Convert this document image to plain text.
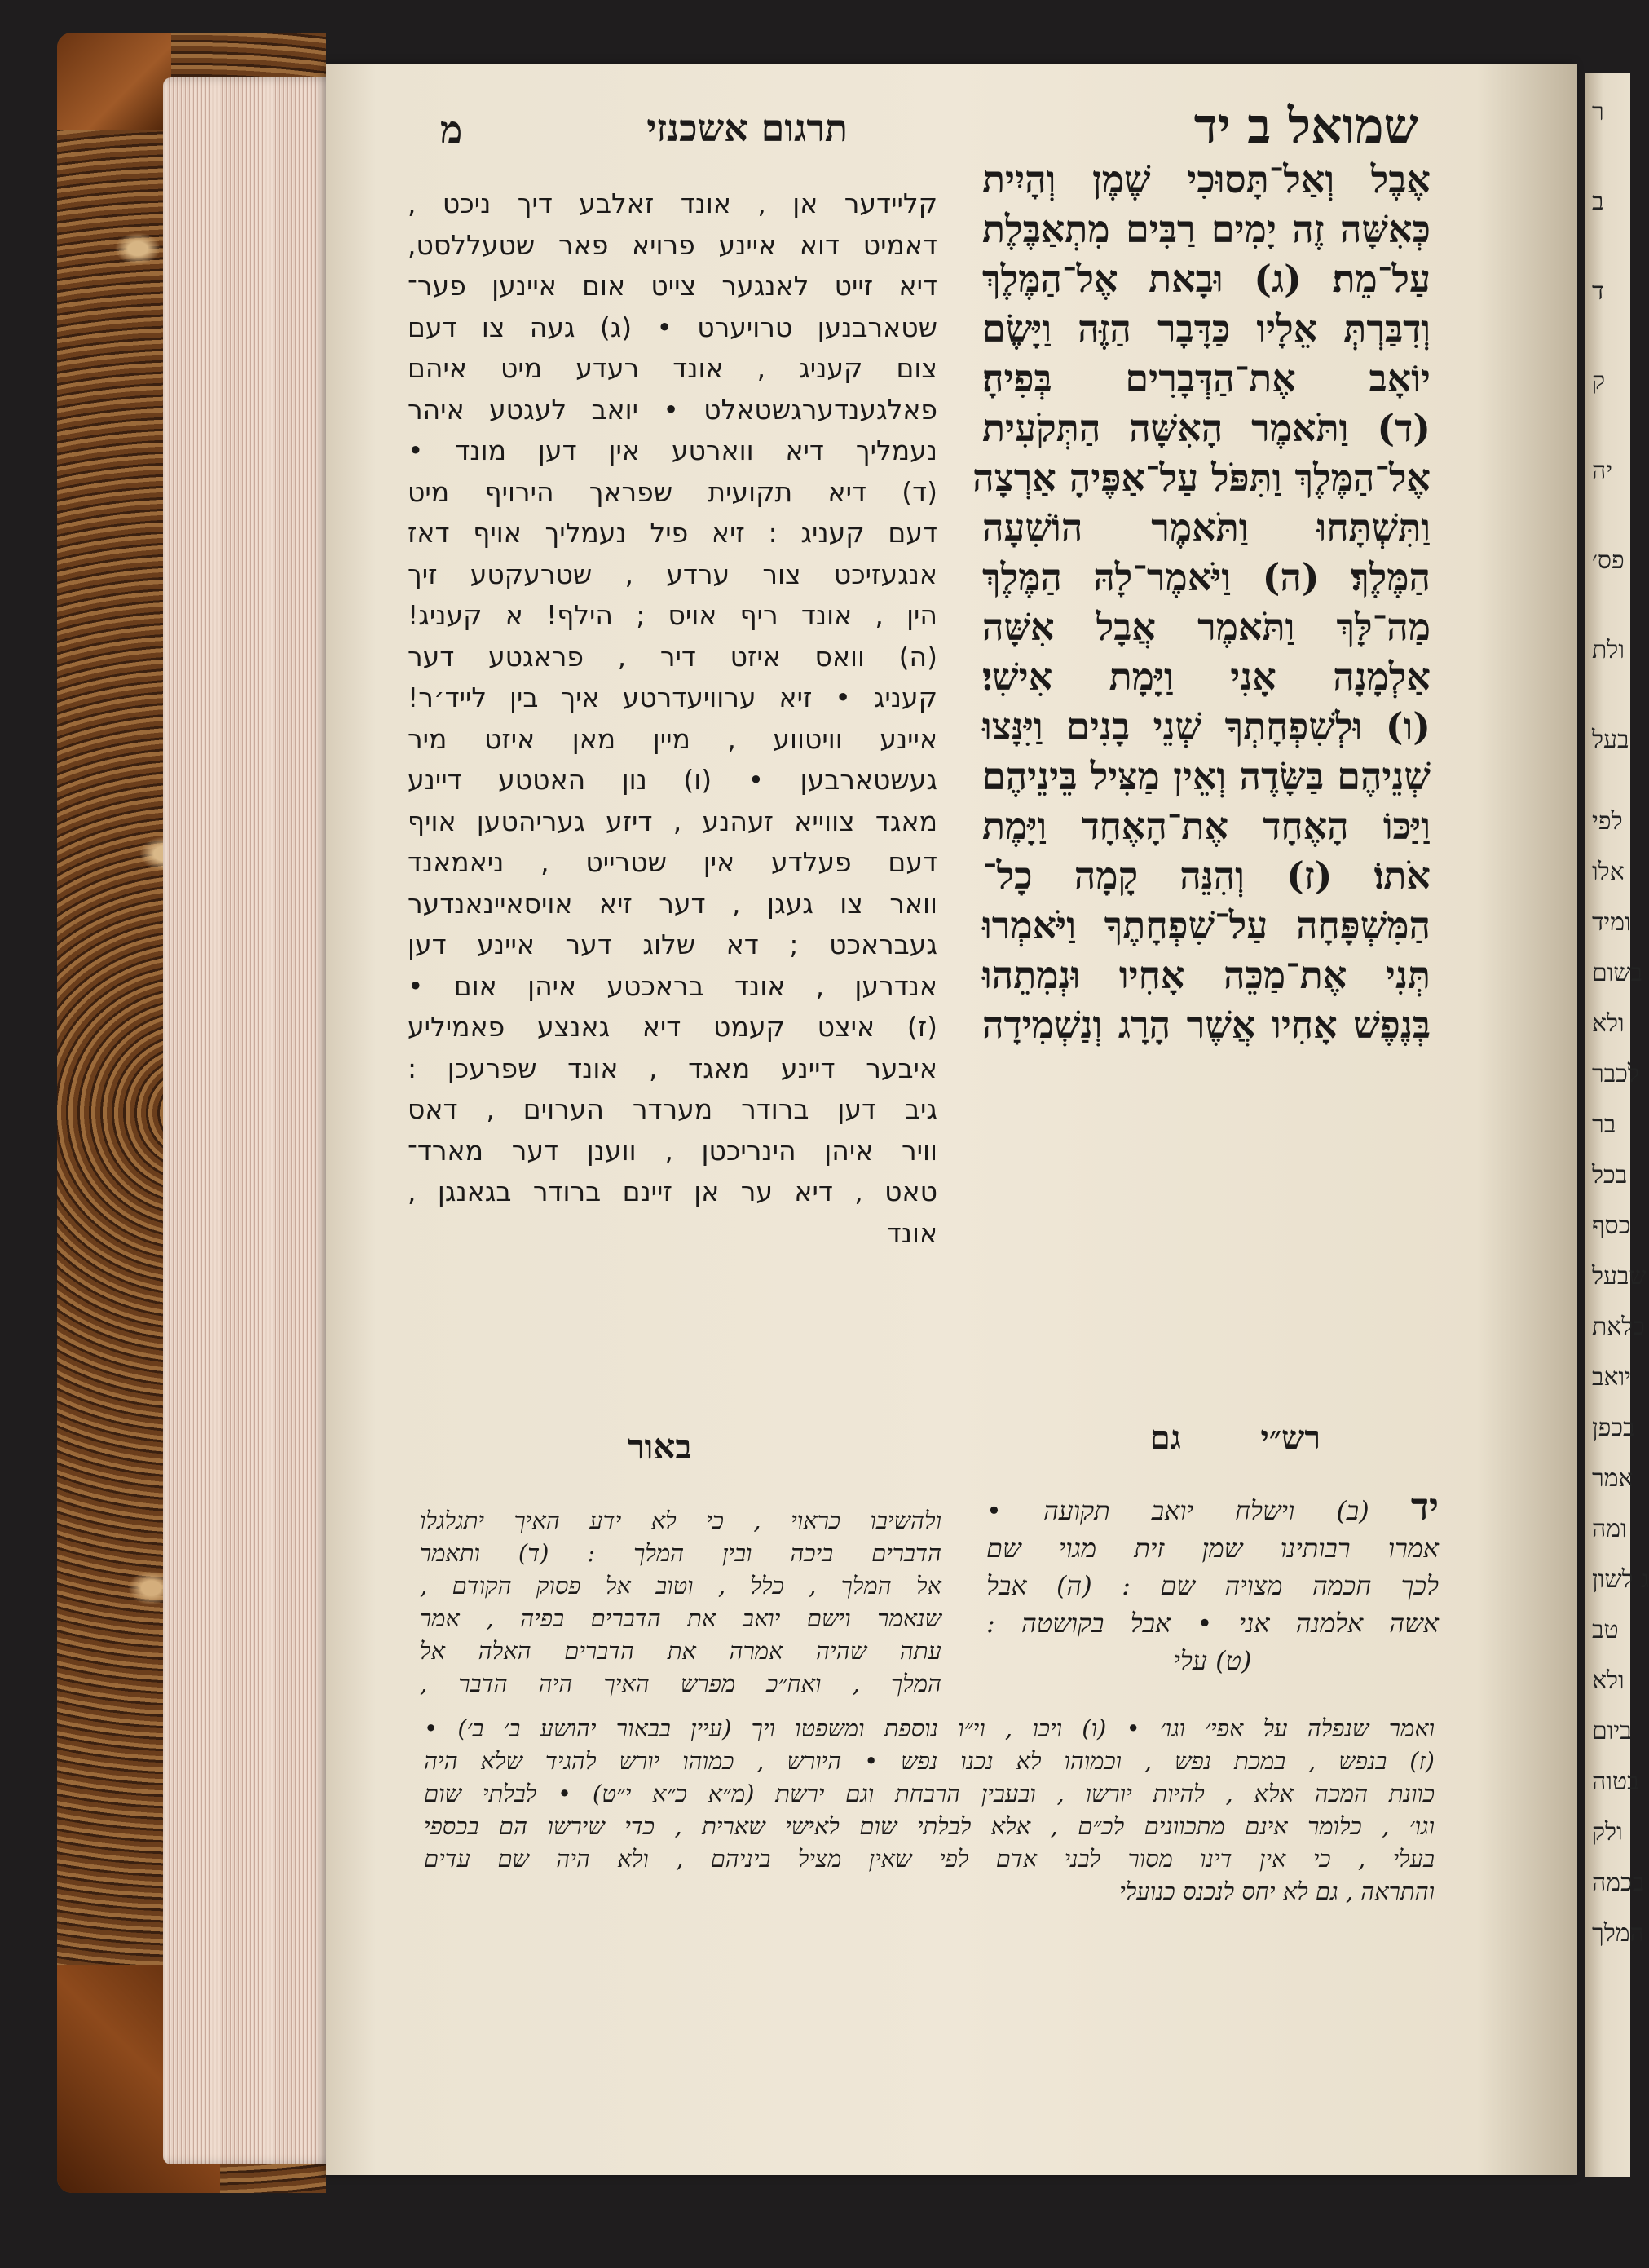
ר
ב
ד
ק
יה
פס׳
ולת
בעל
לפי
אלו
ומיד
בשום
ולא
לכבר
בר
בכל
כסף
שבעל
כלאת
יואב
בכפן
אמר
ומה
ג לשון
טב
ולא
ביום
בטוה
ולק
בכמה
המלך
שמואל ב יד
תרגום אשכנזי
מ
אֶבֶל וְאַל־תָּסוּכִי שֶׁמֶן וְהָיִית
כְּאִשָּׁה זֶה יָמִים רַבִּים מִתְאַבֶּלֶת
עַל־מֵת׃ (ג) וּבָאת אֶל־הַמֶּלֶךְ
וְדִבַּרְתְּ אֵלָיו כַּדָּבָר הַזֶּה וַיָּשֶׂם
יוֹאָב אֶת־הַדְּבָרִים בְּפִיהָ׃
(ד) וַתֹּאמֶר הָאִשָּׁה הַתְּקֹעִית
אֶל־הַמֶּלֶךְ וַתִּפֹּל עַל־אַפֶּיהָ אַרְצָה
וַתִּשְׁתָּחוּ וַתֹּאמֶר הוֹשִׁעָה
הַמֶּלֶךְ׃ (ה) וַיֹּאמֶר־לָהּ הַמֶּלֶךְ
מַה־לָּךְ וַתֹּאמֶר אֲבָל אִשָּׁה
אַלְמָנָה אָנִי וַיָּמָת אִישִׁי׃
(ו) וּלְשִׁפְחָתְךָ שְׁנֵי בָנִים וַיִּנָּצוּ
שְׁנֵיהֶם בַּשָּׂדֶה וְאֵין מַצִּיל בֵּינֵיהֶם
וַיַּכּוֹ הָאֶחָד אֶת־הָאֶחָד וַיָּמֶת
אֹתוֹ׃ (ז) וְהִנֵּה קָמָה כָל־
הַמִּשְׁפָּחָה עַל־שִׁפְחָתֶךָ וַיֹּאמְרוּ
תְּנִי אֶת־מַכֵּה אָחִיו וּנְמִתֵהוּ
בְּנֶפֶשׁ אָחִיו אֲשֶׁר הָרָג וְנַשְׁמִידָה
קליידער אן , אונד זאלבע דיך ניכט ,
דאמיט דוא איינע פרויא פאר שטעללסט,
דיא זייט לאנגער צייט אום איינען פער־
שטארבנען טרויערט • (ג) געה צו דעם
צום קעניג , אונד רעדע מיט איהם
פאלגענדערגשטאלט • יואב לעגטע איהר
נעמליך דיא ווארטע אין דען מונד •
(ד) דיא תקועית שפראך הירויף מיט
דעם קעניג : זיא פיל נעמליך אויף דאז
אנגעזיכט צור ערדע , שטרעקטע זיך
הין , אונד ריף אויס ; הילף! א קעניג!
(ה) וואס איזט דיר , פראגטע דער
קעניג • זיא ערוויעדרטע איך בין לייד׳ר!
איינע וויטווע , מיין מאן איזט מיר
געשטארבען • (ו) נון האטטע דיינע
מאגד צווייא זעהנע , דיזע געריהטען אויף
דעם פעלדע אין שטרייט , ניאמאנד
וואר צו געגן , דער זיא אויסאיינאנדער
געבראכט ; דא שלוג דער איינע דען
אנדרען , אונד בראכטע איהן אום •
(ז) איצט קעמט דיא גאנצע פאמיליע
איבער דיינע מאגד , אונד שפרעכן :
גיב דען ברודר מערדר הערוים , דאס
וויר איהן הינריכטן , ווענן דער מארד־
טאט , דיא ער אן זיינם ברודר בגאנגן ,
אונד
רש״י       גם
באור
יד (ב) וישלח יואב תקועה •
אמרו רבותינו שמן זית מגוי שם
לכך חכמה מצויה שם : (ה) אבל
אשה אלמנה אני • אבל בקושטה :
(ט) עלי
ולהשיבו כראוי , כי לא ידע האיך יתגלגלו
הדברים ביכה ובין המלך : (ד) ותאמר
אל המלך , כלל , וטוב אל פסוק הקודם ,
שנאמר וישם יואב את הדברים בפיה , אמר
עתה שהיה אמרה את הדברים האלה אל
המלך , ואח״כ מפרש האיך היה הדבר ,
ואמר שנפלה על אפי׳ וגו׳ • (ו) ויכו , וי״ו נוספת ומשפטו ויך (עיין בבאור יהושע ב׳ ב׳) •
(ז) בנפש , במכת נפש , וכמוהו לא נכנו נפש • היורש , כמוהו יורש להגיד שלא היה
כוונת המכה אלא , להיות יורשו , ובעבין הרבחת וגם ירשת (מ״א כ״א י״ט) • לבלתי שום
וגו׳ , כלומר אינם מתכוונים לכ״ם , אלא לבלתי שום לאישי שארית , כדי שירשו הם בכספי
בעלי , כי אין דינו מסור לבני אדם לפי שאין מציל ביניהם , ולא היה שם עדים
והתראה , גם לא יחס לנכנס כנועלי
